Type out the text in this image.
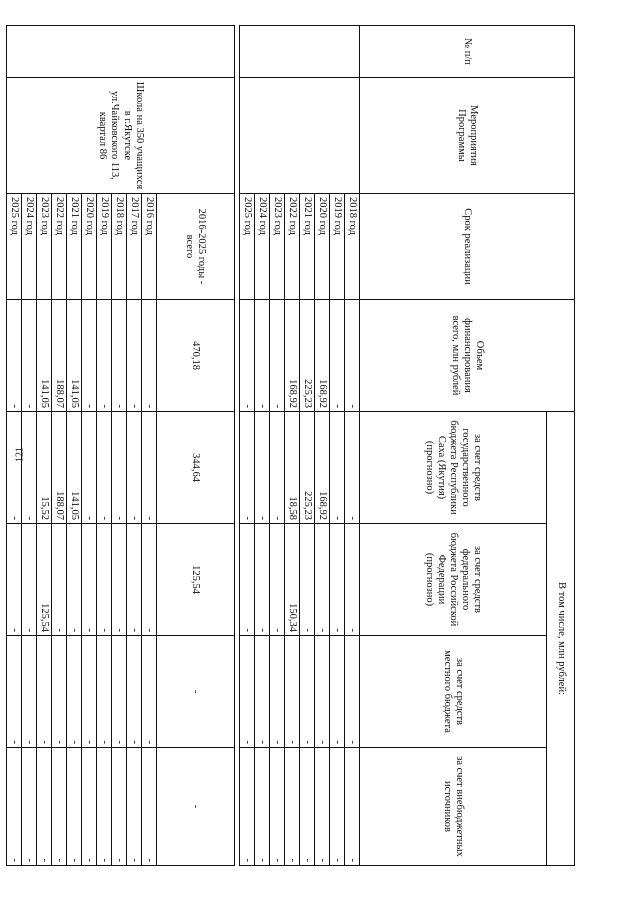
121
№ п/п	Мероприятия Программы	Срок реализации	Объем финансирования всего, млн рублей	В том числе, млн рублей:			
				за счет средств государственного бюджета Республики Саха (Якутия) (прогнозно)	за счет средств федерального бюджета Российской Федерации (прогнозно)	за счет средств местного бюджета	за счет внебюджетных источников
		2018 год	-	-	-	-	-
		2019 год	-	-	-	-	-
		2020 год	168,92	168,92	-	-	-
		2021 год	225,23	225,23	-	-	-
		2022 год	168,92	18,58	150,34	-	-
		2023 год	-	-	-	-	-
		2024 год	-	-	-	-	-
		2025 год	-	-	-	-	-

	Школа на 350 учащихся в г.Якутске ул.Чайковского 113, квартал 86	2016-2025 годы - всего	470,18	344,64	125,54	-	-
		2016 год	-	-	-	-	-
		2017 год	-	-	-	-	-
		2018 год	-	-	-	-	-
		2019 год	-	-	-	-	-
		2020 год	-	-	-	-	-
		2021 год	141,05	141,05	-	-	-
		2022 год	188,07	188,07	-	-	-
		2023 год	141,05	15,52	125,54	-	-
		2024 год	-	-	-	-	-
		2025 год	-	-	-	-	-
